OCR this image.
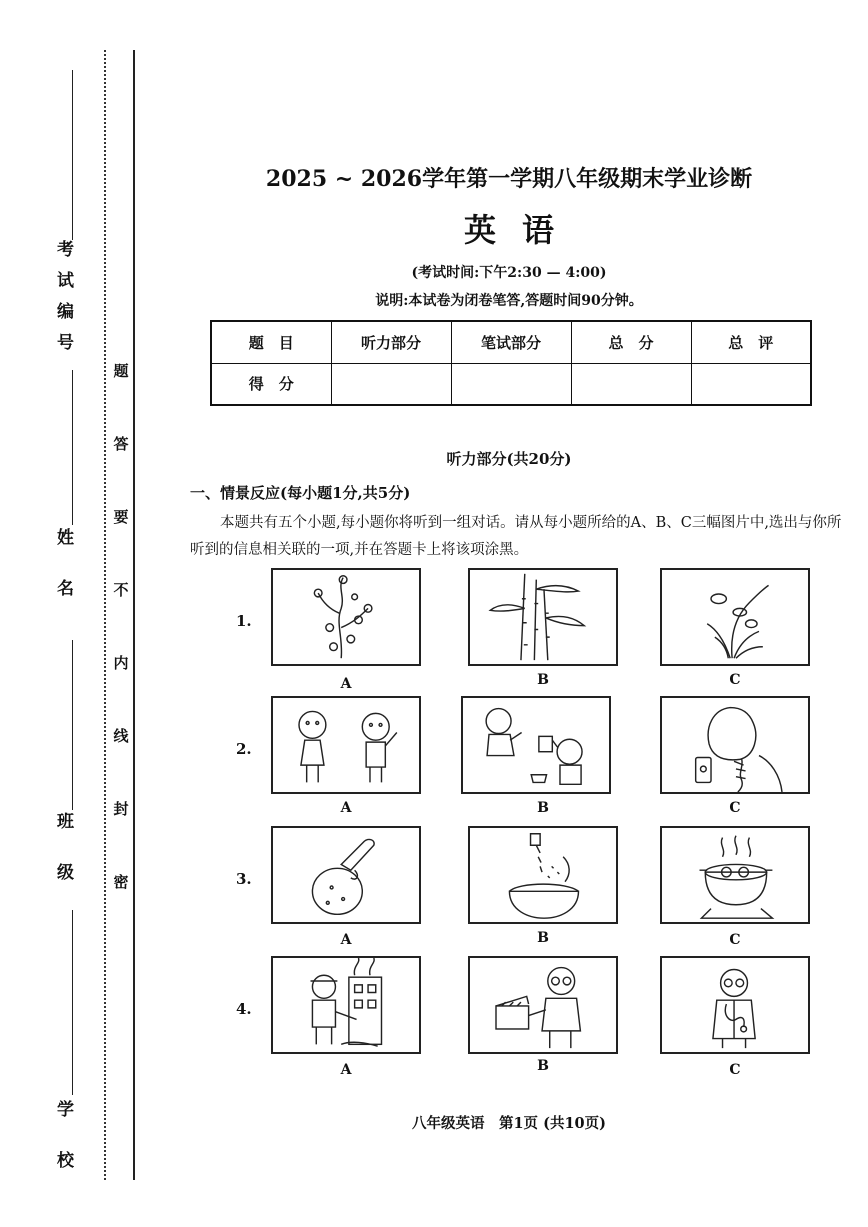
考试编号
姓 名
班 级
学 校
题
答
要
不
内
线
封
密
2025 ~ 2026学年第一学期八年级期末学业诊断
英语
(考试时间:下午2:30 — 4:00)
说明:本试卷为闭卷笔答,答题时间90分钟。
题　目	听力部分	笔试部分	总　分	总　评
得　分				
听力部分(共20分)
一、情景反应(每小题1分,共5分)
本题共有五个小题,每小题你将听到一组对话。请从每小题所给的A、B、C三幅图片中,选出与你所听到的信息相关联的一项,并在答题卡上将该项涂黑。
1.
A	B	C
2.
A	B	C
3.
A	B	C
4.
A	B	C
八年级英语　第1页 (共10页)
